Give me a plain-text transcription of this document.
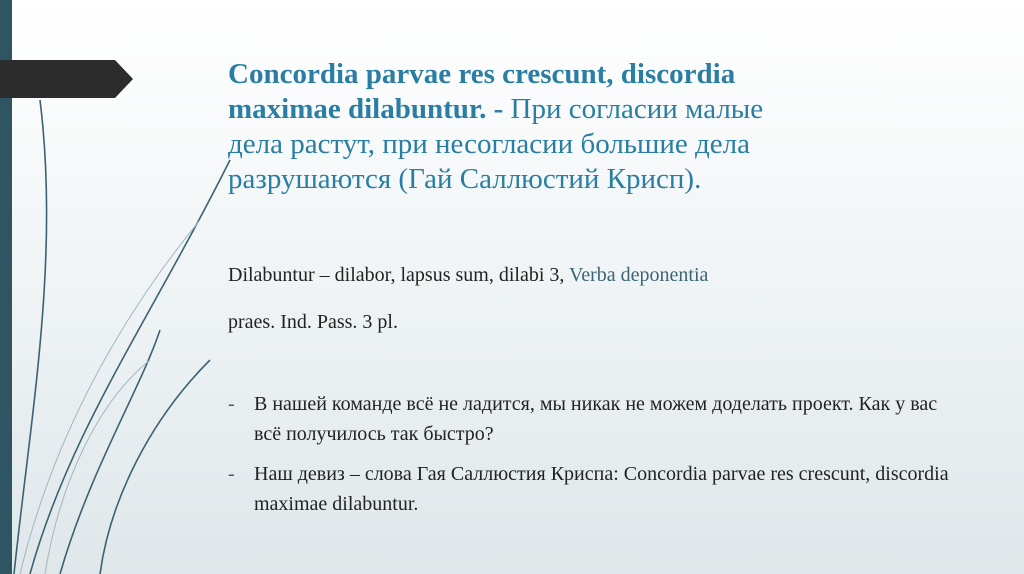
Concordia parvae res crescunt, discordia maximae dilabuntur. - При согласии малые дела растут, при несогласии большие дела разрушаются (Гай Саллюстий Крисп).
Dilabuntur – dilabor, lapsus sum, dilabi 3, Verba deponentia
praes. Ind. Pass. 3 pl.
- В нашей команде всё не ладится, мы никак не можем доделать проект. Как у вас всё получилось так быстро?
- Наш девиз – слова Гая Саллюстия Криспа: Concordia parvae res crescunt, discordia maximae dilabuntur.
